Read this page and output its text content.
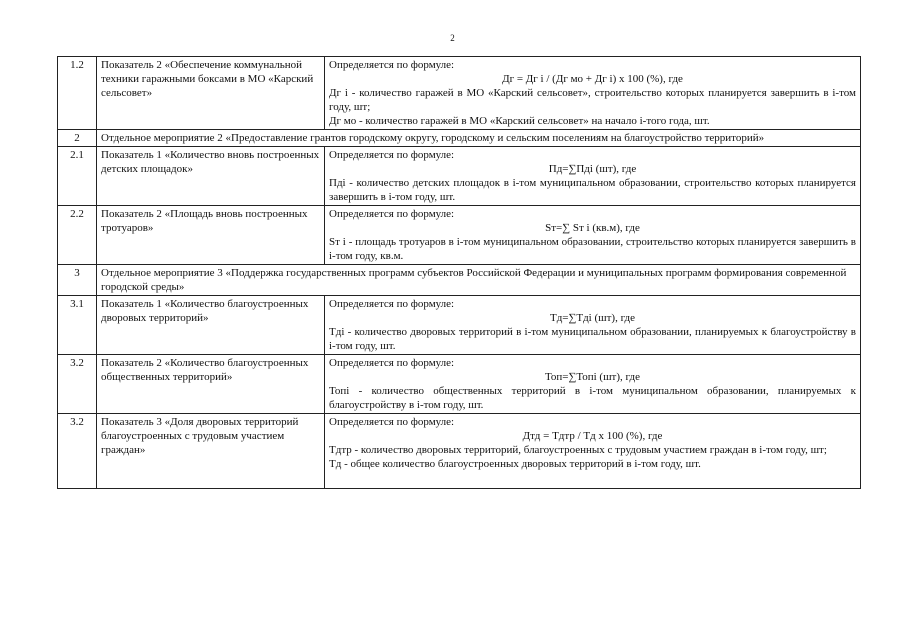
2
1.2	Показатель 2 «Обеспечение коммунальной техники гаражными боксами в МО «Карский сельсовет»	Определяется по формуле:
Дг = Дг i / (Дг мо + Дг i) х 100 (%), где
Дг i - количество гаражей в МО «Карский сельсовет», строительство которых планируется завершить в i-том году, шт;
Дг мо - количество гаражей в МО «Карский сельсовет» на начало i-того года, шт.

2	Отдельное мероприятие 2 «Предоставление грантов городскому округу, городскому и сельским поселениям на благоустройство территорий»	
2.1	Показатель 1 «Количество вновь построенных детских площадок»	Определяется по формуле:
Пд=∑Пдi (шт), где
Пдi - количество детских площадок в i-том муниципальном образовании, строительство которых планируется завершить в i-том году, шт.

2.2	Показатель 2 «Площадь вновь построенных тротуаров»	Определяется по формуле:
Sт=∑ Sт i (кв.м), где
Sт i - площадь тротуаров в i-том муниципальном образовании, строительство которых планируется завершить в i-том году, кв.м.

3	Отдельное мероприятие 3 «Поддержка государственных программ субъектов Российской Федерации и муниципальных программ формирования современной городской среды»	
3.1	Показатель 1 «Количество благоустроенных дворовых территорий»	Определяется по формуле:
Тд=∑Тдi (шт), где
Тдi - количество дворовых территорий в i-том муниципальном образовании, планируемых к благоустройству в i-том году, шт.

3.2	Показатель 2 «Количество благоустроенных общественных территорий»	Определяется по формуле:
Топ=∑Топi (шт), где
Топi - количество общественных территорий в i-том муниципальном образовании, планируемых к благоустройству в i-том году, шт.

3.2	Показатель 3 «Доля дворовых территорий благоустроенных с трудовым участием граждан»	Определяется по формуле:
Дтд = Тдтр / Тд х 100 (%), где
Тдтр - количество дворовых территорий, благоустроенных с трудовым участием граждан в i-том году, шт;
Тд - общее количество благоустроенных дворовых территорий в i-том году, шт.
